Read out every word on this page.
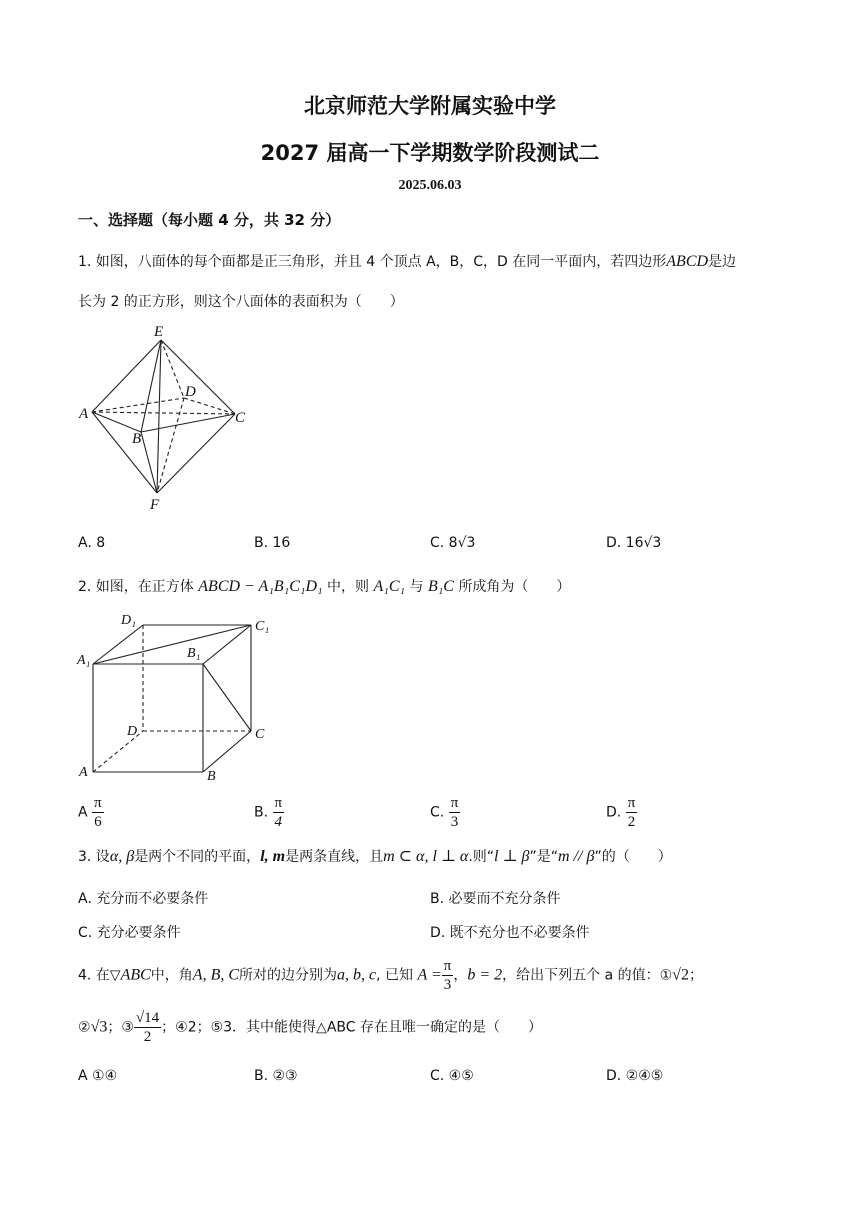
北京师范大学附属实验中学
2027 届高一下学期数学阶段测试二
2025.06.03
一、选择题（每小题 4 分，共 32 分）
1. 如图，八面体的每个面都是正三角形，并且 4 个顶点 A，B，C，D 在同一平面内，若四边形ABCD是边
长为 2 的正方形，则这个八面体的表面积为（　　）
E
D
A	C
B
F
A. 8	B. 16	C. 8√3	D. 16√3
2. 如图，在正方体 ABCD − A₁B₁C₁D₁ 中，则 A₁C₁ 与 B₁C 所成角为（　　）
D₁	C₁
A₁	B₁
D	C
A	B
A $\frac{\pi}{6}$	B. $\frac{\pi}{4}$	C. $\frac{\pi}{3}$	D. $\frac{\pi}{2}$
3. 设α, β是两个不同的平面，l, m是两条直线，且m ⊂ α, l ⊥ α.则“l ⊥ β”是“m // β”的（　　）
A. 充分而不必要条件	B. 必要而不充分条件
C. 充分必要条件	D. 既不充分也不必要条件
4. 在▽ABC中，角A, B, C所对的边分别为a, b, c, 已知 $A = \frac{\pi}{3}$ ，b = 2，给出下列五个 a 的值：①√2；
②√3；③ $\frac{√14}{2}$ ；④2；⑤3．其中能使得△ABC 存在且唯一确定的是（　　）
A ①④	B. ②③	C. ④⑤	D. ②④⑤
